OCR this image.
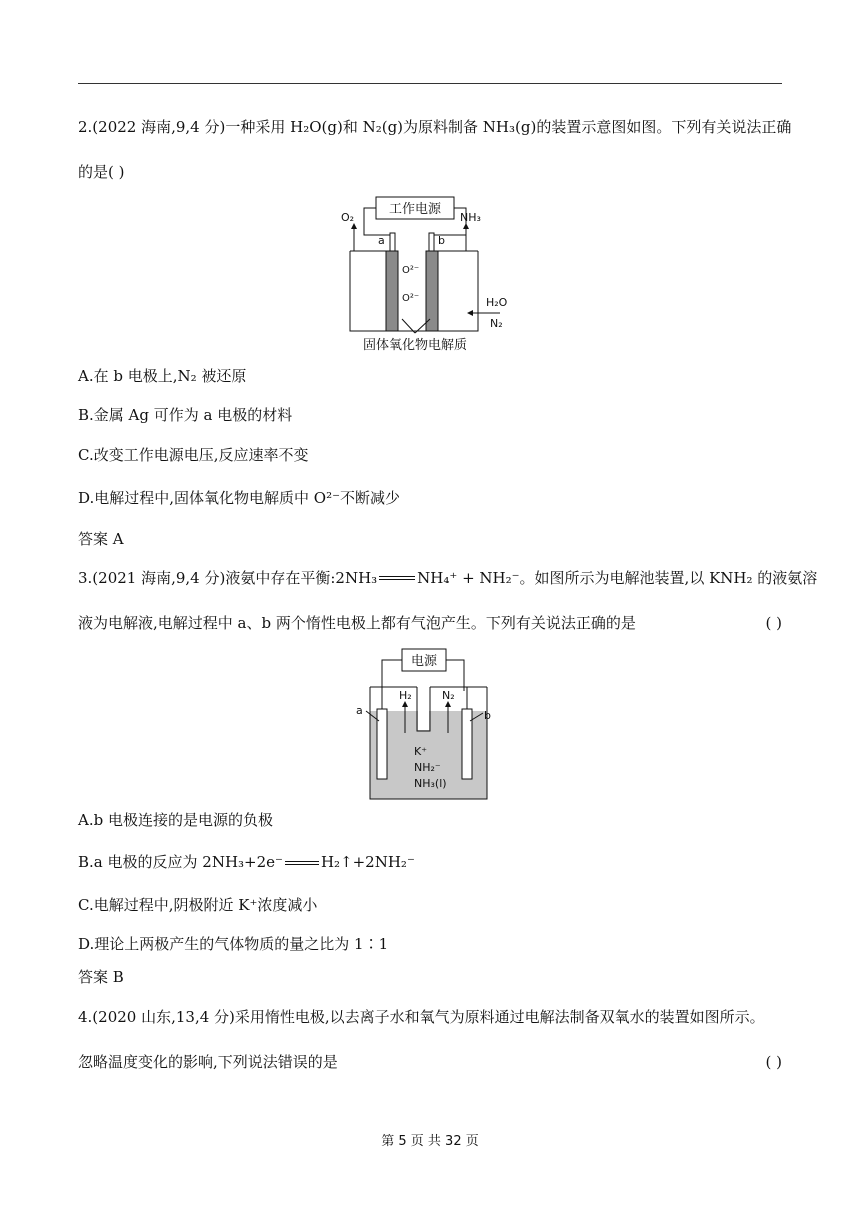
2.(2022 海南,9,4 分)一种采用 H₂O(g)和 N₂(g)为原料制备 NH₃(g)的装置示意图如图。下列有关说法正确
的是( )
工作电源
a	b
O²⁻
O²⁻
O₂	NH₃
H₂O
N₂
固体氧化物电解质
A.在 b 电极上,N₂ 被还原
B.金属 Ag 可作为 a 电极的材料
C.改变工作电源电压,反应速率不变
D.电解过程中,固体氧化物电解质中 O²⁻不断减少
答案 A
3.(2021 海南,9,4 分)液氨中存在平衡:2NH₃	NH₄⁺ + NH₂⁻。如图所示为电解池装置,以 KNH₂ 的液氨溶
液为电解液,电解过程中 a、b 两个惰性电极上都有气泡产生。下列有关说法正确的是	( )
电源
a	b
H₂	N₂
K⁺
NH₂⁻
NH₃(l)
A.b 电极连接的是电源的负极
B.a 电极的反应为 2NH₃+2e⁻	H₂↑+2NH₂⁻
C.电解过程中,阴极附近 K⁺浓度减小
D.理论上两极产生的气体物质的量之比为 1∶1
答案 B
4.(2020 山东,13,4 分)采用惰性电极,以去离子水和氧气为原料通过电解法制备双氧水的装置如图所示。
忽略温度变化的影响,下列说法错误的是	( )
第 5 页 共 32 页
